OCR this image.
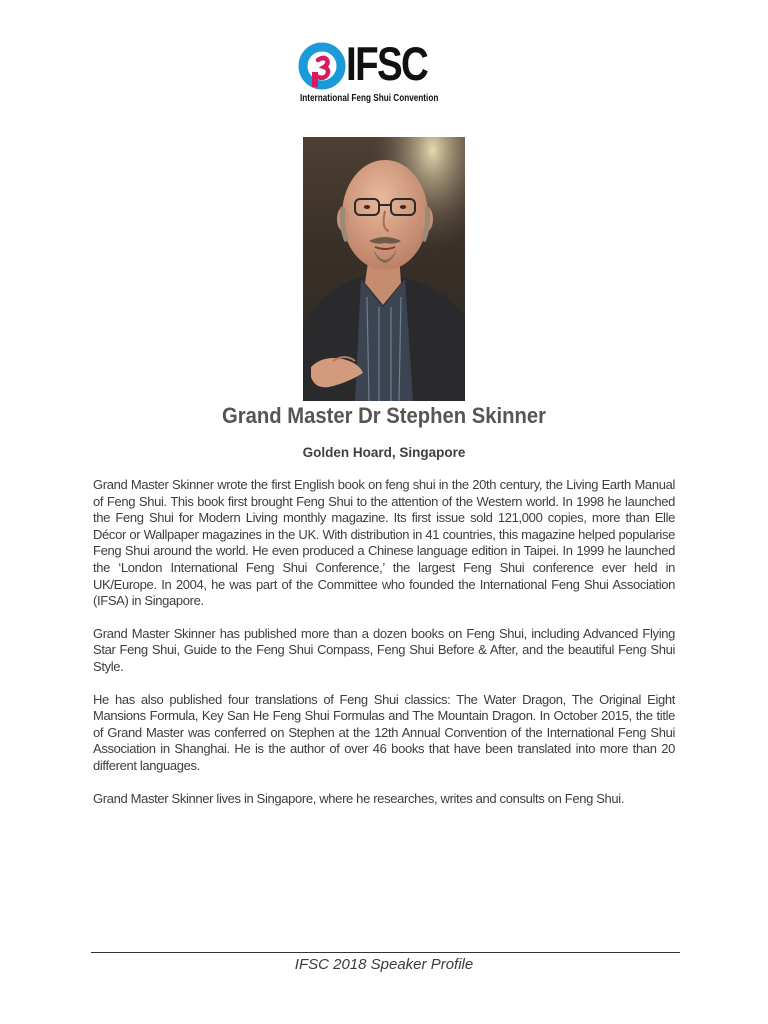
IFSC
International Feng Shui Convention
Grand Master Dr Stephen Skinner
Golden Hoard, Singapore

Grand Master Skinner wrote the first English book on feng shui in the 20th century, the Living Earth Manual of Feng Shui. This book first brought Feng Shui to the attention of the Western world. In 1998 he launched the Feng Shui for Modern Living monthly magazine. Its first issue sold 121,000 copies, more than Elle Décor or Wallpaper magazines in the UK. With distribution in 41 countries, this magazine helped popularise Feng Shui around the world. He even produced a Chinese language edition in Taipei. In 1999 he launched the ‘London International Feng Shui Conference,’ the largest Feng Shui conference ever held in UK/Europe. In 2004, he was part of the Committee who founded the International Feng Shui Association (IFSA) in Singapore.

Grand Master Skinner has published more than a dozen books on Feng Shui, including Advanced Flying Star Feng Shui, Guide to the Feng Shui Compass, Feng Shui Before & After, and the beautiful Feng Shui Style.

He has also published four translations of Feng Shui classics: The Water Dragon, The Original Eight Mansions Formula, Key San He Feng Shui Formulas and The Mountain Dragon. In October 2015, the title of Grand Master was conferred on Stephen at the 12th Annual Convention of the International Feng Shui Association in Shanghai. He is the author of over 46 books that have been translated into more than 20 different languages.

Grand Master Skinner lives in Singapore, where he researches, writes and consults on Feng Shui.

IFSC 2018 Speaker Profile
